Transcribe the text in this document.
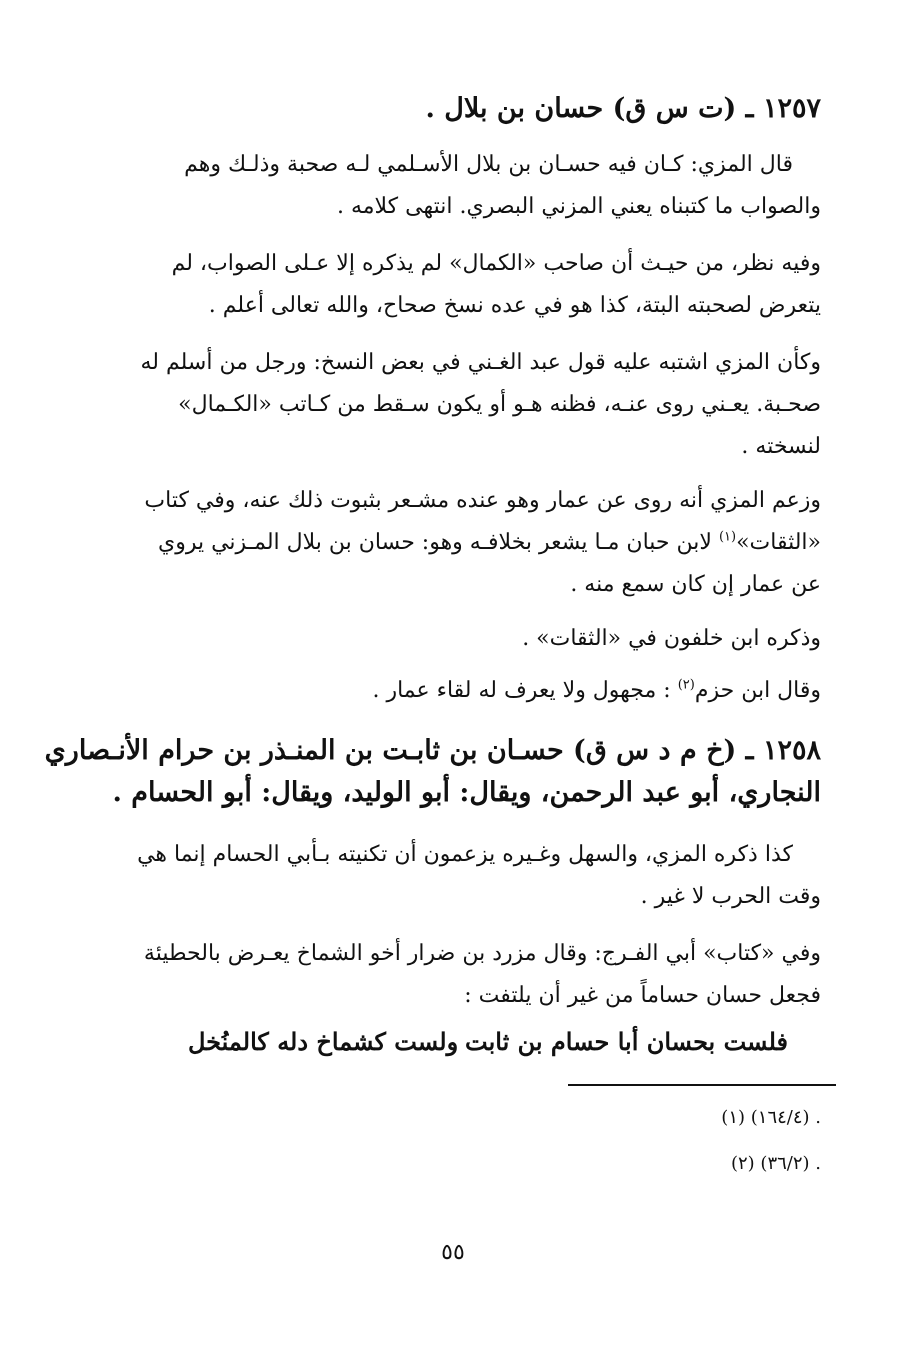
١٢٥٧ ـ (ت س ق) حسان بن بلال .
قال المزي: كـان فيه حسـان بن بلال الأسـلمي لـه صحبة وذلـك وهم
والصواب ما كتبناه يعني المزني البصري. انتهى كلامه .
وفيه نظر، من حيـث أن صاحب «الكمال» لم يذكره إلا عـلى الصواب، لم
يتعرض لصحبته البتة، كذا هو في عده نسخ صحاح، والله تعالى أعلم .
وكأن المزي اشتبه عليه قول عبد الغـني في بعض النسخ: ورجل من أسلم له
صحـبة. يعـني روى عنـه، فظنه هـو أو يكون سـقط من كـاتب «الكـمال»
لنسخته .
وزعم المزي أنه روى عن عمار وهو عنده مشـعر بثبوت ذلك عنه، وفي كتاب
«الثقات»$^{(١)}$ لابن حبان مـا يشعر بخلافـه وهو: حسان بن بلال المـزني يروي
عن عمار إن كان سمع منه .
وذكره ابن خلفون في «الثقات» .
وقال ابن حزم$^{(٢)}$ : مجهول ولا يعرف له لقاء عمار .
١٢٥٨ ـ (خ م د س ق) حسـان بن ثابـت بن المنـذر بن حرام الأنـصاري
النجاري، أبو عبد الرحمن، ويقال: أبو الوليد، ويقال: أبو الحسام .
كذا ذكره المزي، والسهل وغـيره يزعمون أن تكنيته بـأبي الحسام إنما هي
وقت الحرب لا غير .
وفي «كتاب» أبي الفـرج: وقال مزرد بن ضرار أخو الشماخ يعـرض بالحطيئة
فجعل حسان حساماً من غير أن يلتفت :
فلست بحسان أبا حسام بن ثابت
ولست كشماخ دله كالمنُخل
. (١٦٤/٤) (١)
. (٣٦/٢) (٢)
٥٥
